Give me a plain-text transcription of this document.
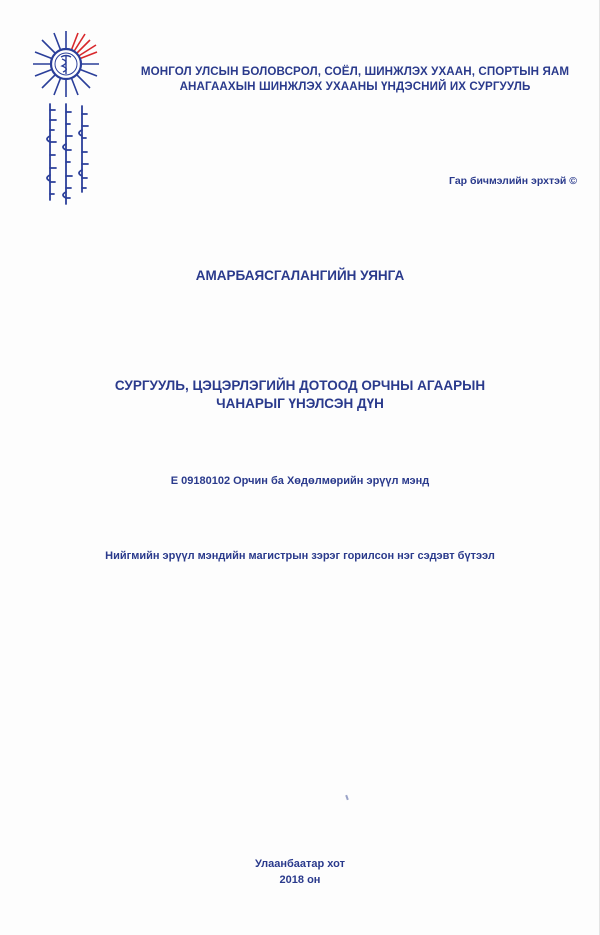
МОНГОЛ УЛСЫН БОЛОВСРОЛ, СОЁЛ, ШИНЖЛЭХ УХААН, СПОРТЫН ЯАМ
АНАГААХЫН ШИНЖЛЭХ УХААНЫ ҮНДЭСНИЙ ИХ СУРГУУЛЬ
Гар бичмэлийн эрхтэй ©
АМАРБАЯСГАЛАНГИЙН УЯНГА
СУРГУУЛЬ, ЦЭЦЭРЛЭГИЙН ДОТООД ОРЧНЫ АГААРЫН
ЧАНАРЫГ ҮНЭЛСЭН ДҮН
Е 09180102 Орчин ба Хөдөлмөрийн эрүүл мэнд
Нийгмийн эрүүл мэндийн магистрын зэрэг горилсон нэг сэдэвт бүтээл
Улаанбаатар хот
2018 он
